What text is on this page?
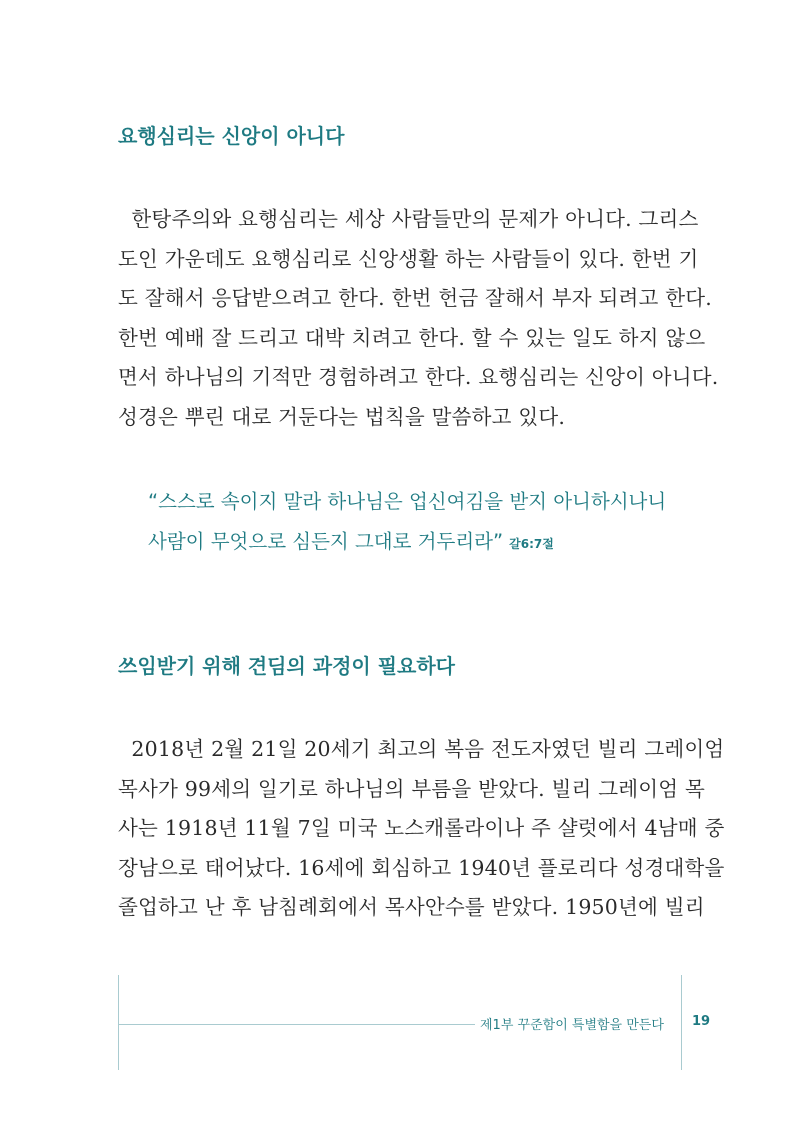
요행심리는 신앙이 아니다
한탕주의와 요행심리는 세상 사람들만의 문제가 아니다. 그리스
도인 가운데도 요행심리로 신앙생활 하는 사람들이 있다. 한번 기
도 잘해서 응답받으려고 한다. 한번 헌금 잘해서 부자 되려고 한다.
한번 예배 잘 드리고 대박 치려고 한다. 할 수 있는 일도 하지 않으
면서 하나님의 기적만 경험하려고 한다. 요행심리는 신앙이 아니다.
성경은 뿌린 대로 거둔다는 법칙을 말씀하고 있다.
“스스로 속이지 말라 하나님은 업신여김을 받지 아니하시나니
사람이 무엇으로 심든지 그대로 거두리라” 갈6:7절
쓰임받기 위해 견딤의 과정이 필요하다
2018년 2월 21일 20세기 최고의 복음 전도자였던 빌리 그레이엄
목사가 99세의 일기로 하나님의 부름을 받았다. 빌리 그레이엄 목
사는 1918년 11월 7일 미국 노스캐롤라이나 주 샬럿에서 4남매 중
장남으로 태어났다. 16세에 회심하고 1940년 플로리다 성경대학을
졸업하고 난 후 남침례회에서 목사안수를 받았다. 1950년에 빌리
제1부 꾸준함이 특별함을 만든다 19
